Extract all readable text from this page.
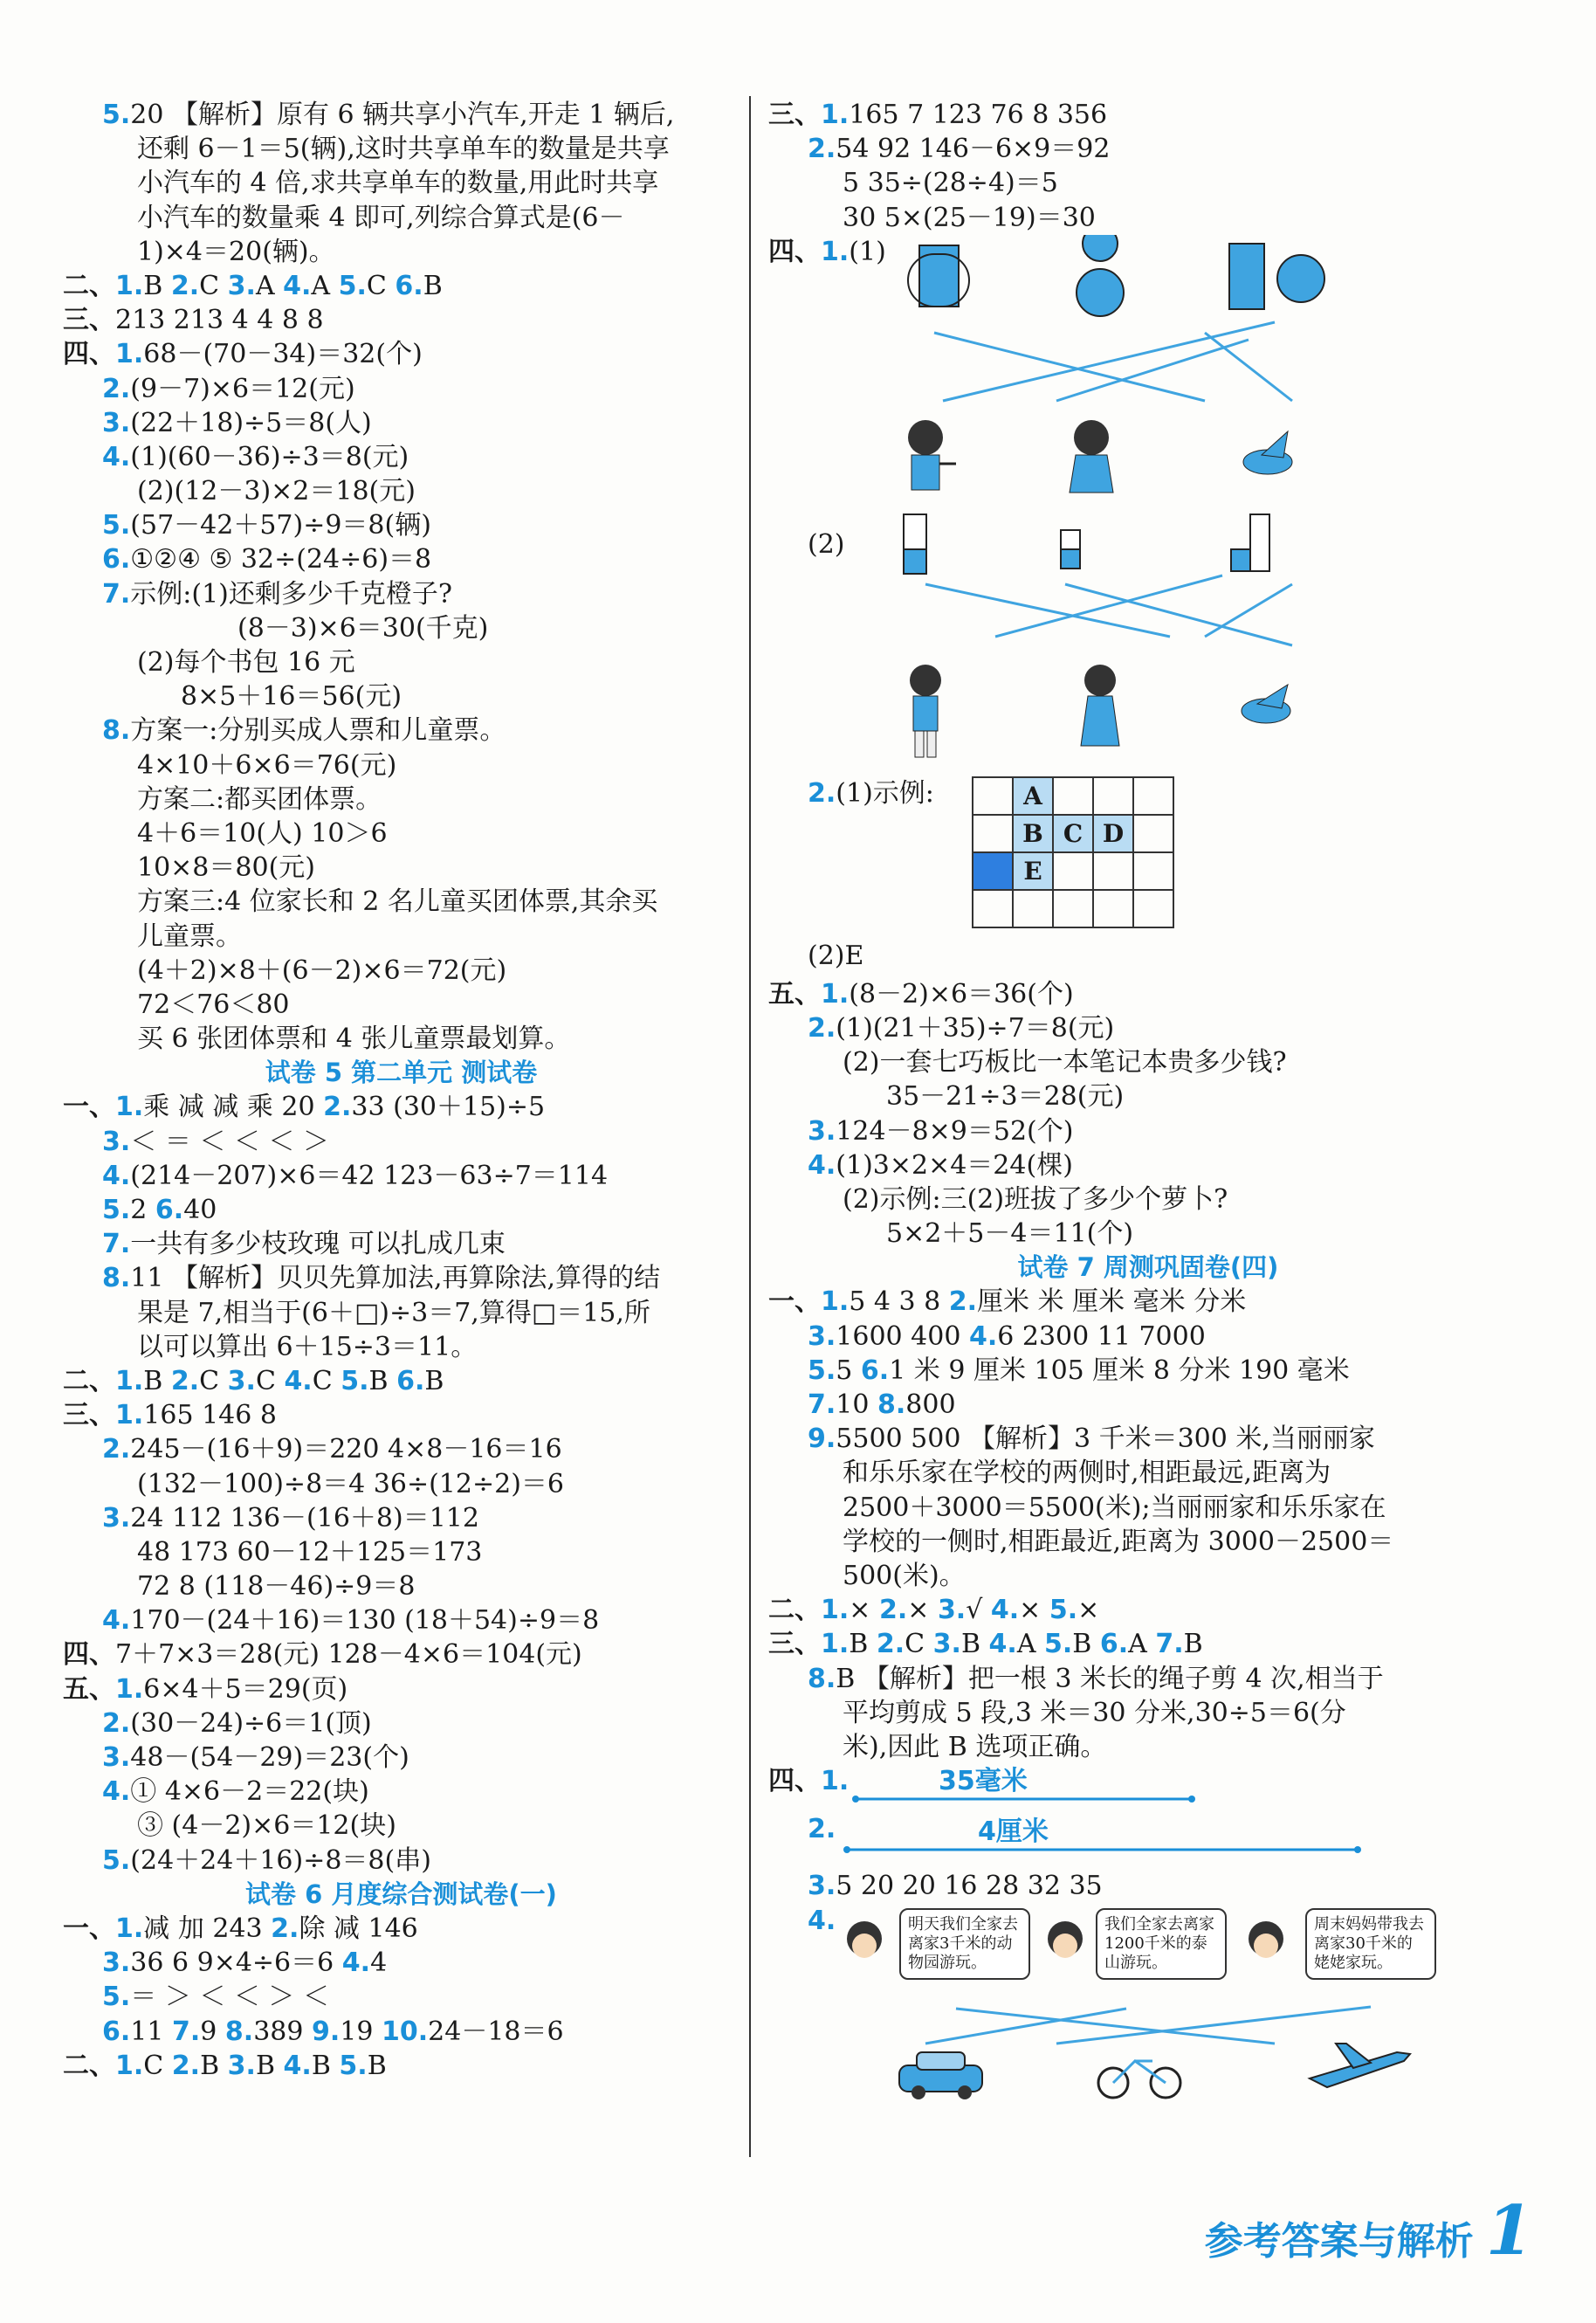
5.20 【解析】原有 6 辆共享小汽车,开走 1 辆后,
还剩 6－1＝5(辆),这时共享单车的数量是共享
小汽车的 4 倍,求共享单车的数量,用此时共享
小汽车的数量乘 4 即可,列综合算式是(6－
1)×4＝20(辆)。
二、1.B 2.C 3.A 4.A 5.C 6.B
三、213 213 4 4 8 8
四、1.68－(70－34)＝32(个)
2.(9－7)×6＝12(元)
3.(22＋18)÷5＝8(人)
4.(1)(60－36)÷3＝8(元)
(2)(12－3)×2＝18(元)
5.(57－42＋57)÷9＝8(辆)
6.①②④ ⑤ 32÷(24÷6)＝8
7.示例:(1)还剩多少千克橙子?
(8－3)×6＝30(千克)
(2)每个书包 16 元
8×5＋16＝56(元)
8.方案一:分别买成人票和儿童票。
4×10＋6×6＝76(元)
方案二:都买团体票。
4＋6＝10(人) 10＞6
10×8＝80(元)
方案三:4 位家长和 2 名儿童买团体票,其余买
儿童票。
(4＋2)×8＋(6－2)×6＝72(元)
72＜76＜80
买 6 张团体票和 4 张儿童票最划算。
试卷 5 第二单元 测试卷
一、1.乘 减 减 乘 20 2.33 (30＋15)÷5
3.＜ ＝ ＜ ＜ ＜ ＞
4.(214－207)×6＝42 123－63÷7＝114
5.2 6.40
7.一共有多少枝玫瑰 可以扎成几束
8.11 【解析】贝贝先算加法,再算除法,算得的结
果是 7,相当于(6＋□)÷3＝7,算得□＝15,所
以可以算出 6＋15÷3＝11。
二、1.B 2.C 3.C 4.C 5.B 6.B
三、1.165 146 8
2.245－(16＋9)＝220 4×8－16＝16
(132－100)÷8＝4 36÷(12÷2)＝6
3.24 112 136－(16＋8)＝112
48 173 60－12＋125＝173
72 8 (118－46)÷9＝8
4.170－(24＋16)＝130 (18＋54)÷9＝8
四、7＋7×3＝28(元) 128－4×6＝104(元)
五、1.6×4＋5＝29(页)
2.(30－24)÷6＝1(顶)
3.48－(54－29)＝23(个)
4.① 4×6－2＝22(块)
③ (4－2)×6＝12(块)
5.(24＋24＋16)÷8＝8(串)
试卷 6 月度综合测试卷(一)
一、1.减 加 243 2.除 减 146
3.36 6 9×4÷6＝6 4.4
5.＝ ＞ ＜ ＜ ＞ ＜
6.11 7.9 8.389 9.19 10.24－18＝6
二、1.C 2.B 3.B 4.B 5.B
三、1.165 7 123 76 8 356
2.54 92 146－6×9＝92
5 35÷(28÷4)＝5
30 5×(25－19)＝30
四、1.(1)
(2)
2.(1)示例:
		A			
	B	C	D	
	E			

(2)E
五、1.(8－2)×6＝36(个)
2.(1)(21＋35)÷7＝8(元)
(2)一套七巧板比一本笔记本贵多少钱?
35－21÷3＝28(元)
3.124－8×9＝52(个)
4.(1)3×2×4＝24(棵)
(2)示例:三(2)班拔了多少个萝卜?
5×2＋5－4＝11(个)
试卷 7 周测巩固卷(四)
一、1.5 4 3 8 2.厘米 米 厘米 毫米 分米
3.1600 400 4.6 2300 11 7000
5.5 6.1 米 9 厘米 105 厘米 8 分米 190 毫米
7.10 8.800
9.5500 500 【解析】3 千米＝300 米,当丽丽家
和乐乐家在学校的两侧时,相距最远,距离为
2500＋3000＝5500(米);当丽丽家和乐乐家在
学校的一侧时,相距最近,距离为 3000－2500＝
500(米)。
二、1.× 2.× 3.√ 4.× 5.×
三、1.B 2.C 3.B 4.A 5.B 6.A 7.B
8.B 【解析】把一根 3 米长的绳子剪 4 次,相当于
平均剪成 5 段,3 米＝30 分米,30÷5＝6(分
米),因此 B 选项正确。
四、1.	35毫米
2.	4厘米
3.5 20 20 16 28 32 35
4.	明天我们全家去离家3千米的动物园游玩。
我们全家去离家1200千米的泰山游玩。
周末妈妈带我去离家30千米的姥姥家玩。
参考答案与解析 1
